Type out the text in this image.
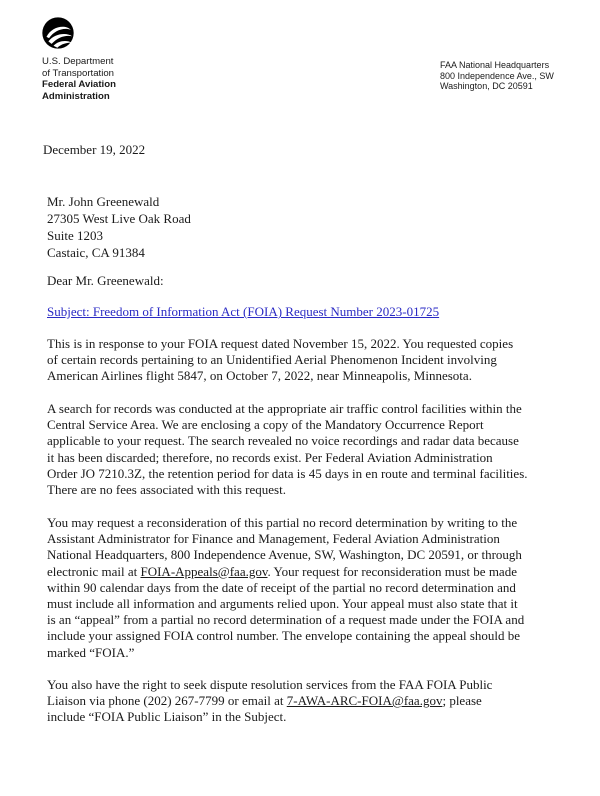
U.S. Department
of Transportation
Federal Aviation
Administration
FAA National Headquarters
800 Independence Ave., SW
Washington, DC 20591
December 19, 2022
Mr. John Greenewald
27305 West Live Oak Road
Suite 1203
Castaic, CA 91384
Dear Mr. Greenewald:
Subject: Freedom of Information Act (FOIA) Request Number 2023-01725

This is in response to your FOIA request dated November 15, 2022. You requested copies
of certain records pertaining to an Unidentified Aerial Phenomenon Incident involving
American Airlines flight 5847, on October 7, 2022, near Minneapolis, Minnesota.

A search for records was conducted at the appropriate air traffic control facilities within the
Central Service Area. We are enclosing a copy of the Mandatory Occurrence Report
applicable to your request. The search revealed no voice recordings and radar data because
it has been discarded; therefore, no records exist. Per Federal Aviation Administration
Order JO 7210.3Z, the retention period for data is 45 days in en route and terminal facilities.
There are no fees associated with this request.

You may request a reconsideration of this partial no record determination by writing to the
Assistant Administrator for Finance and Management, Federal Aviation Administration
National Headquarters, 800 Independence Avenue, SW, Washington, DC 20591, or through
electronic mail at FOIA-Appeals@faa.gov. Your request for reconsideration must be made
within 90 calendar days from the date of receipt of the partial no record determination and
must include all information and arguments relied upon. Your appeal must also state that it
is an “appeal” from a partial no record determination of a request made under the FOIA and
include your assigned FOIA control number. The envelope containing the appeal should be
marked “FOIA.”

You also have the right to seek dispute resolution services from the FAA FOIA Public
Liaison via phone (202) 267-7799 or email at 7-AWA-ARC-FOIA@faa.gov; please
include “FOIA Public Liaison” in the Subject.
